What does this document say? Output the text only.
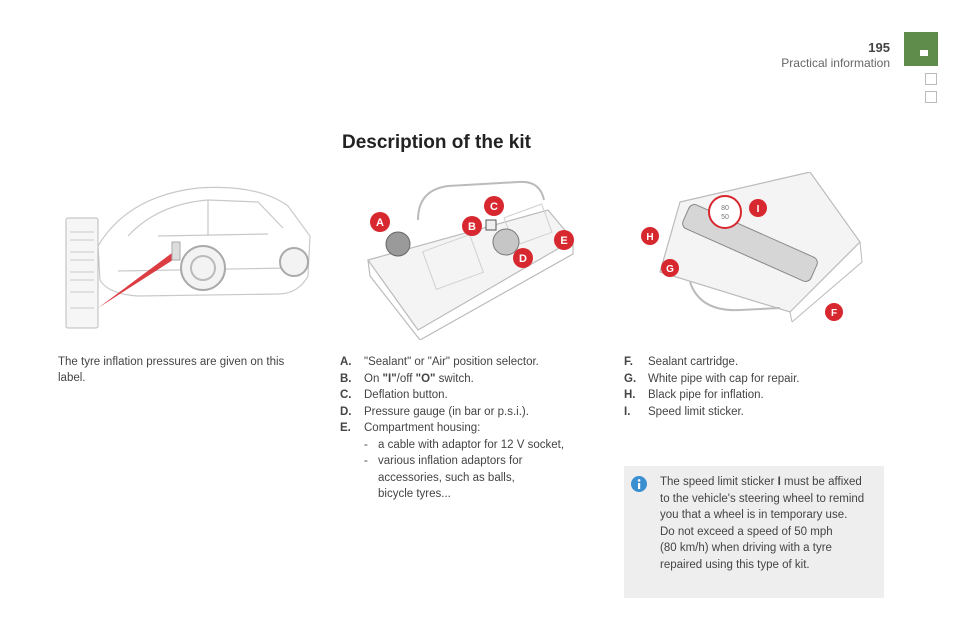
195
Practical information
Description of the kit
A	B
C
D
E
80
50
F
G
H
I
The tyre inflation pressures are given on this label.
A. "Sealant" or "Air" position selector.
B. On "I"/off "O" switch.
C. Deflation button.
D. Pressure gauge (in bar or p.s.i.).
E. Compartment housing:
- a cable with adaptor for 12 V socket,
- various inflation adaptors for
accessories, such as balls,
bicycle tyres...
F. Sealant cartridge.
G. White pipe with cap for repair.
H. Black pipe for inflation.
I. Speed limit sticker.
The speed limit sticker I must be affixed
to the vehicle's steering wheel to remind
you that a wheel is in temporary use.
Do not exceed a speed of 50 mph
(80 km/h) when driving with a tyre
repaired using this type of kit.
